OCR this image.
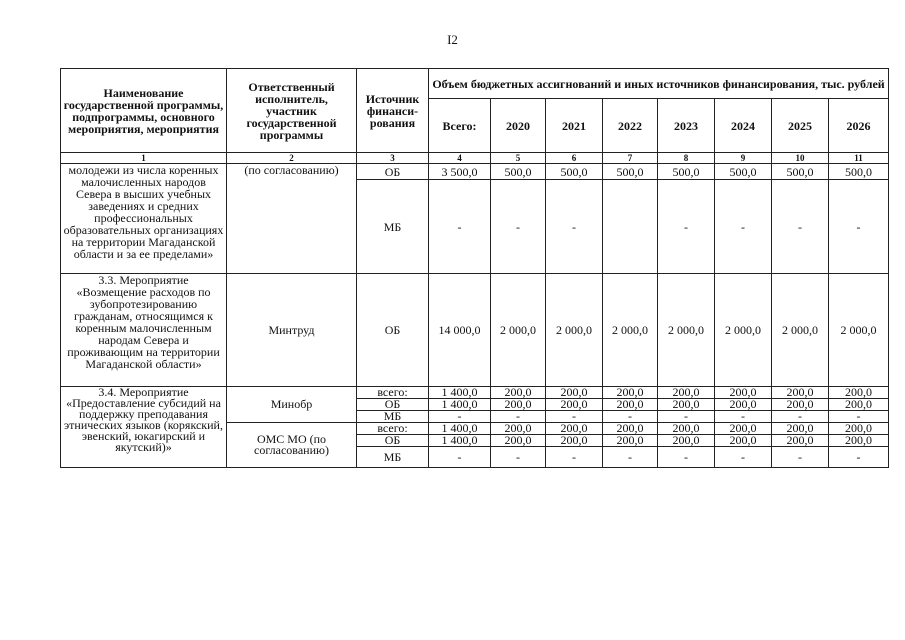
I2
Наименование государственной программы, подпрограммы, основного мероприятия, мероприятия	Ответственный исполнитель, участник государственной программы	Источник финанси-рования	Объем бюджетных ассигнований и иных источников финансирования, тыс. рублей							
			Всего:	2020	2021	2022	2023	2024	2025	2026
1	2	3	4	5	6	7	8	9	10	11
молодежи из числа коренных малочисленных народов Севера в высших учебных заведениях и средних профессиональных образовательных организациях на территории Магаданской области и за ее пределами»	(по согласованию)	ОБ	3 500,0	500,0	500,0	500,0	500,0	500,0	500,0	500,0
		МБ	-	-	-		-	-	-	-
3.3. Мероприятие «Возмещение расходов по зубопротезированию гражданам, относящимся к коренным малочисленным народам Севера и проживающим на территории Магаданской области»	Минтруд	ОБ	14 000,0	2 000,0	2 000,0	2 000,0	2 000,0	2 000,0	2 000,0	2 000,0
3.4. Мероприятие «Предоставление субсидий на поддержку преподавания этнических языков (корякский, эвенский, юкагирский и якутский)»	Минобр	всего:	1 400,0	200,0	200,0	200,0	200,0	200,0	200,0	200,0
		ОБ	1 400,0	200,0	200,0	200,0	200,0	200,0	200,0	200,0
		МБ	-	-	-	-	-	-	-	-
	ОМС МО (по согласованию)	всего:	1 400,0	200,0	200,0	200,0	200,0	200,0	200,0	200,0
		ОБ	1 400,0	200,0	200,0	200,0	200,0	200,0	200,0	200,0
		МБ	-	-	-	-	-	-	-	-
